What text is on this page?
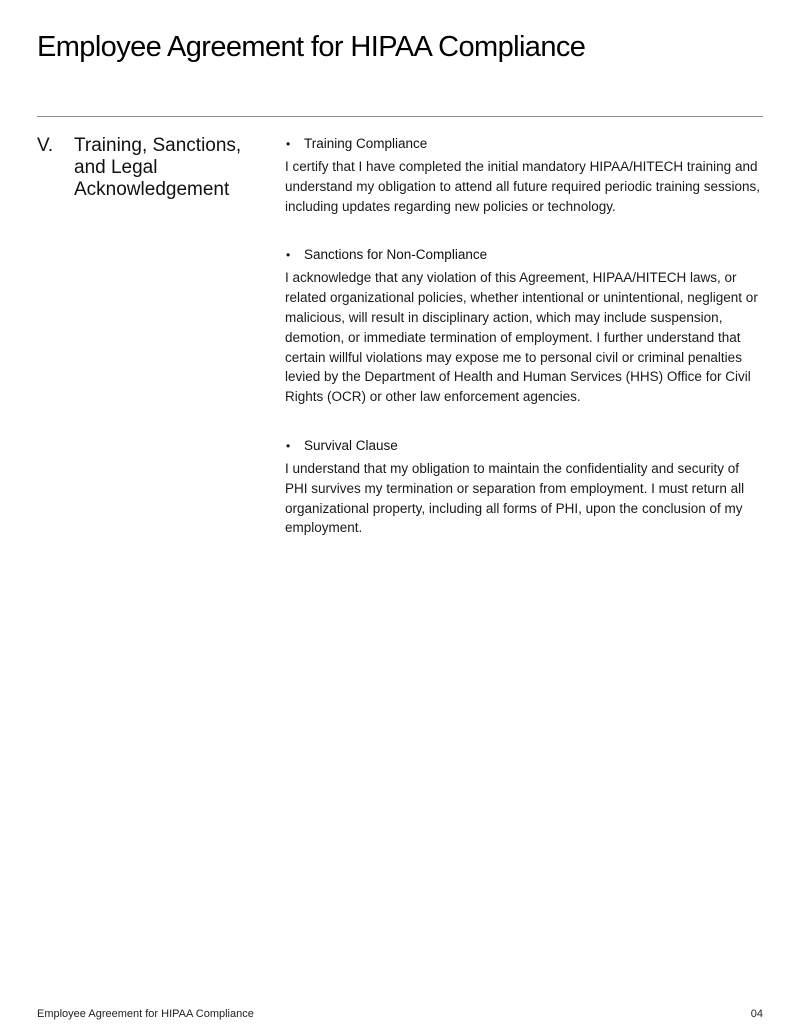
Employee Agreement for HIPAA Compliance
V.	Training, Sanctions, and Legal Acknowledgement
•	Training Compliance

I certify that I have completed the initial mandatory HIPAA/HITECH training and understand my obligation to attend all future required periodic training sessions, including updates regarding new policies or technology.

•	Sanctions for Non-Compliance

I acknowledge that any violation of this Agreement, HIPAA/HITECH laws, or related organizational policies, whether intentional or unintentional, negligent or malicious, will result in disciplinary action, which may include suspension, demotion, or immediate termination of employment. I further understand that certain willful violations may expose me to personal civil or criminal penalties levied by the Department of Health and Human Services (HHS) Office for Civil Rights (OCR) or other law enforcement agencies.

•	Survival Clause

I understand that my obligation to maintain the confidentiality and security of PHI survives my termination or separation from employment. I must return all organizational property, including all forms of PHI, upon the conclusion of my employment.

Employee Agreement for HIPAA Compliance	04
